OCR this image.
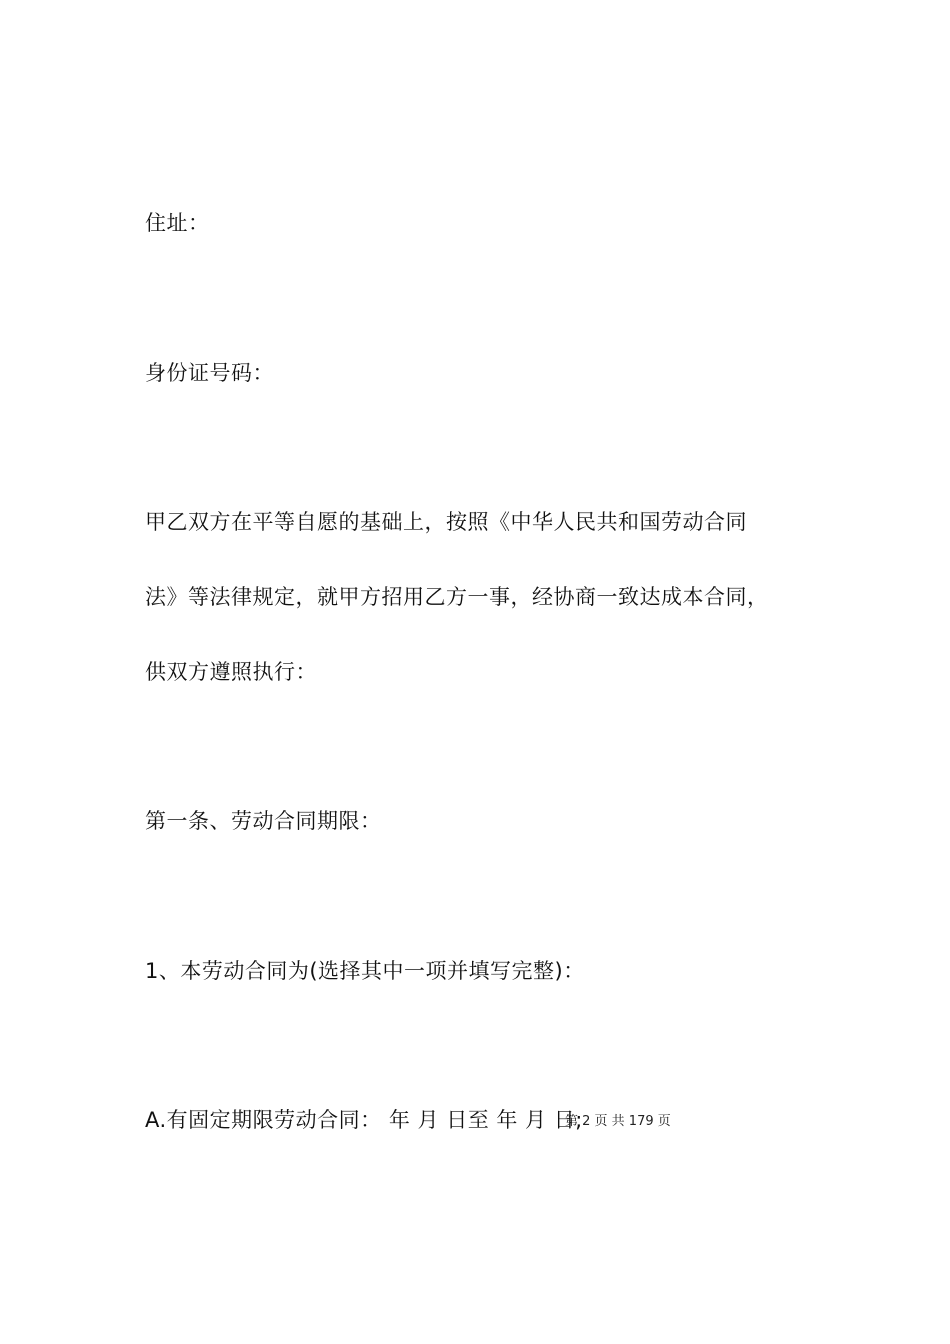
住址：
身份证号码：
甲乙双方在平等自愿的基础上，按照《中华人民共和国劳动合同
法》等法律规定，就甲方招用乙方一事，经协商一致达成本合同，
供双方遵照执行：
第一条、劳动合同期限：
1、本劳动合同为(选择其中一项并填写完整)：
A.有固定期限劳动合同： 年 月 日至 年 月 日;
第 2 页 共 179 页
